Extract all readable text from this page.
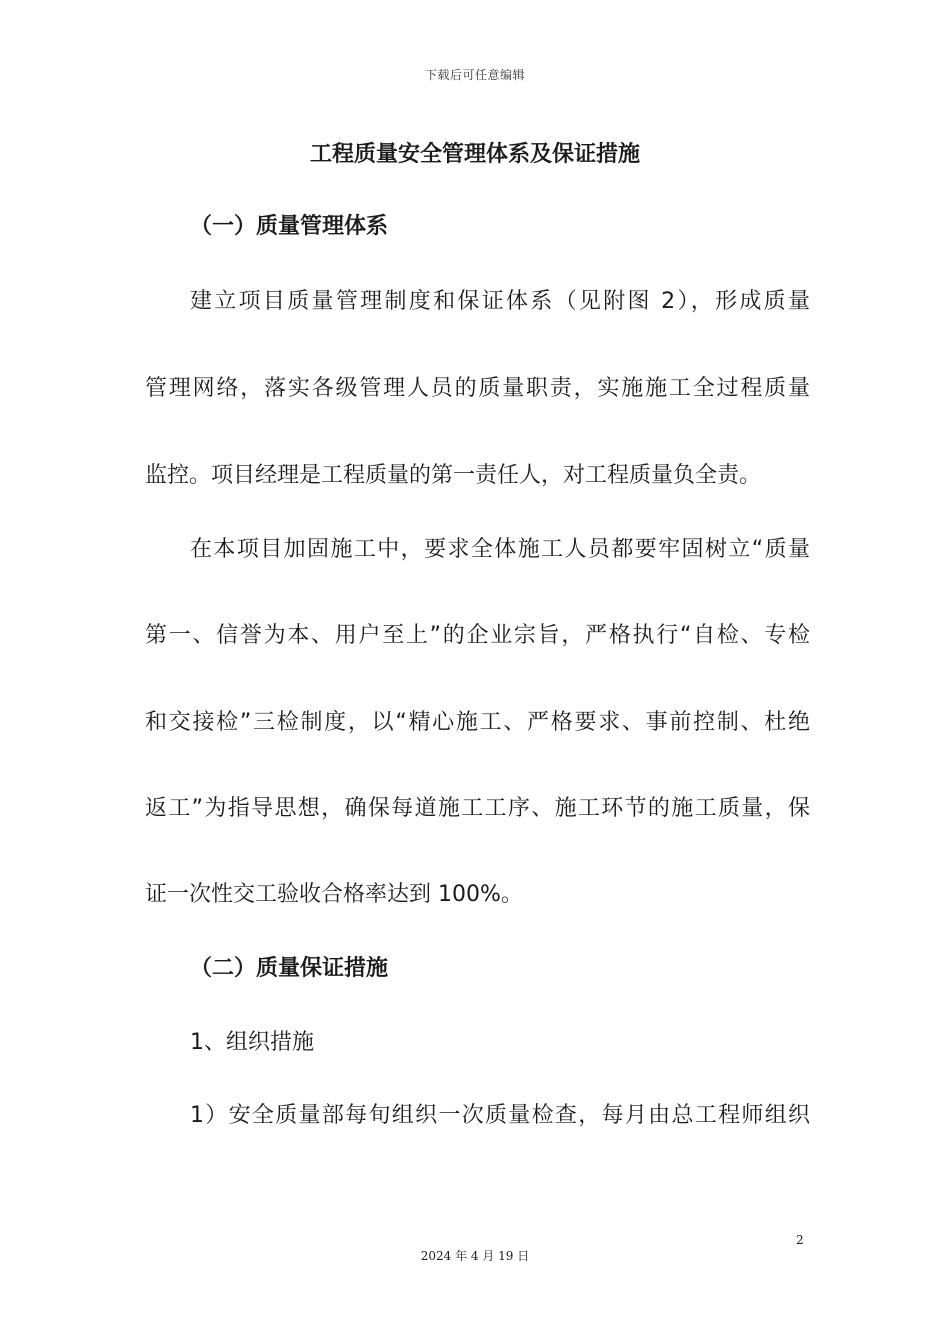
下载后可任意编辑
工程质量安全管理体系及保证措施
（一）质量管理体系
建立项目质量管理制度和保证体系（见附图 2），形成质量
管理网络，落实各级管理人员的质量职责，实施施工全过程质量
监控。项目经理是工程质量的第一责任人，对工程质量负全责。
在本项目加固施工中，要求全体施工人员都要牢固树立“质量
第一、信誉为本、用户至上”的企业宗旨，严格执行“自检、专检
和交接检”三检制度，以“精心施工、严格要求、事前控制、杜绝
返工”为指导思想，确保每道施工工序、施工环节的施工质量，保
证一次性交工验收合格率达到 100%。
（二）质量保证措施
1、组织措施
1）安全质量部每旬组织一次质量检查，每月由总工程师组织
2
2024 年 4 月 19 日
